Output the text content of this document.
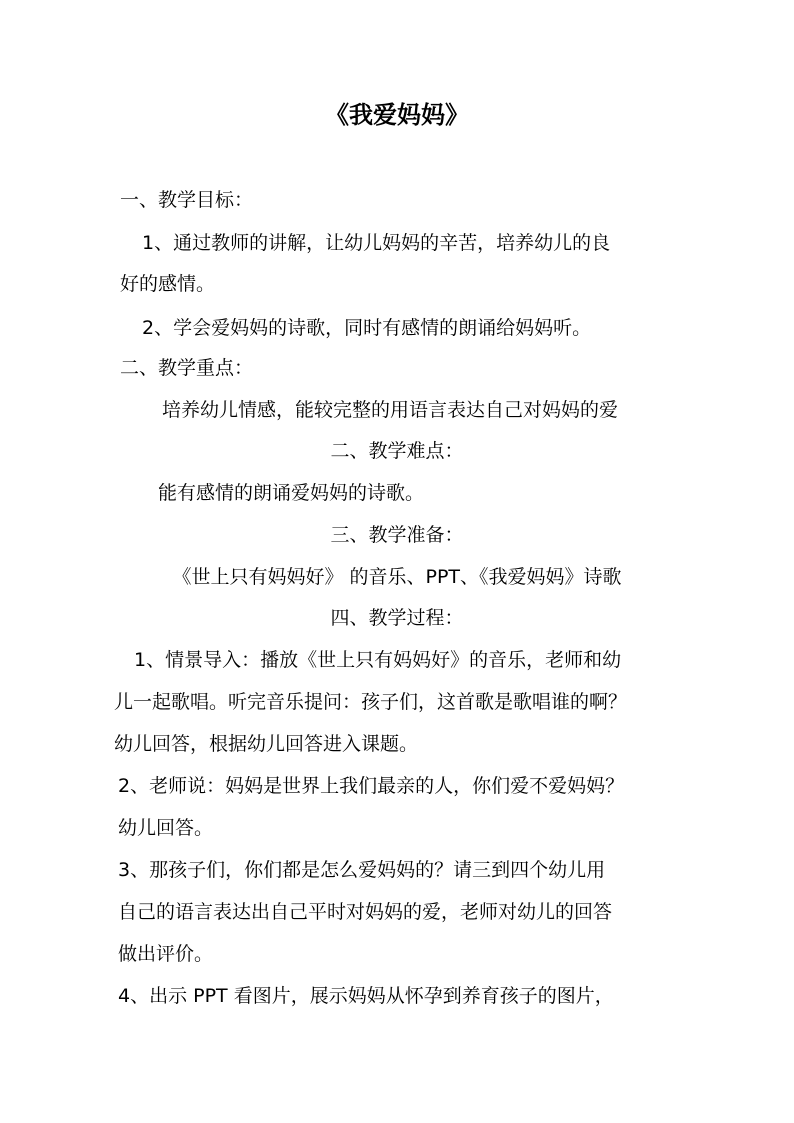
《我爱妈妈》

一、教学目标：

1、通过教师的讲解，让幼儿妈妈的辛苦，培养幼儿的良

好的感情。

2、学会爱妈妈的诗歌，同时有感情的朗诵给妈妈听。

二、教学重点：

培养幼儿情感，能较完整的用语言表达自己对妈妈的爱

二、教学难点：

能有感情的朗诵爱妈妈的诗歌。

三、教学准备：

《世上只有妈妈好》 的音乐、PPT、《我爱妈妈》诗歌

四、教学过程：

1、情景导入：播放《世上只有妈妈好》的音乐，老师和幼

儿一起歌唱。听完音乐提问：孩子们，这首歌是歌唱谁的啊？

幼儿回答，根据幼儿回答进入课题。

2、老师说：妈妈是世界上我们最亲的人，你们爱不爱妈妈？

幼儿回答。

3、那孩子们，你们都是怎么爱妈妈的？请三到四个幼儿用

自己的语言表达出自己平时对妈妈的爱，老师对幼儿的回答

做出评价。

4、出示 PPT 看图片，展示妈妈从怀孕到养育孩子的图片，
